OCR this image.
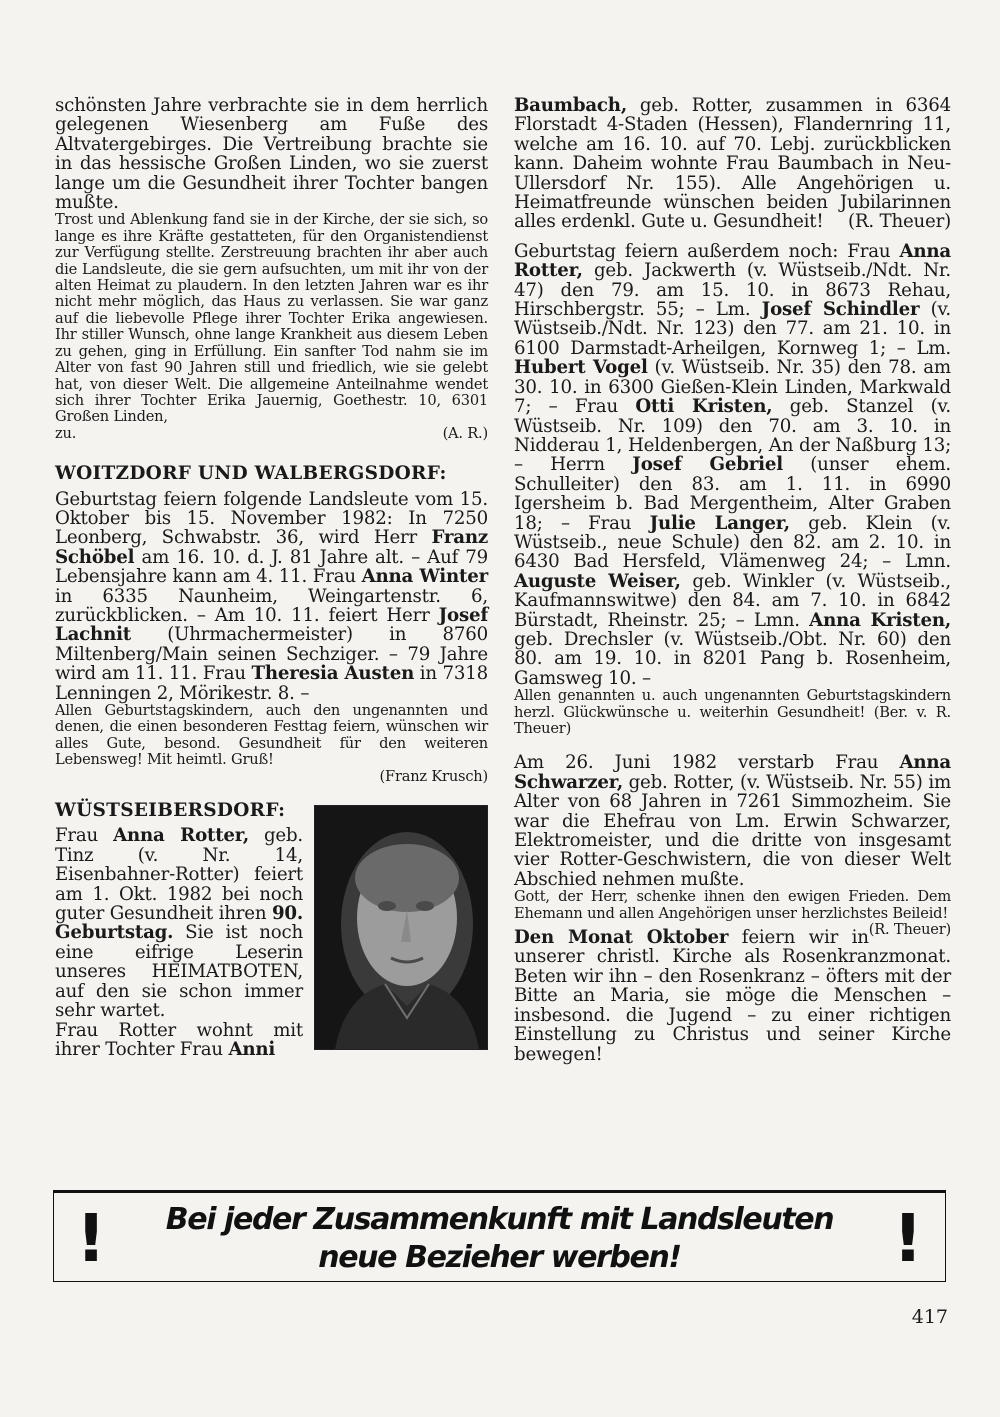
schönsten Jahre verbrachte sie in dem herrlich gelegenen Wiesenberg am Fuße des Altvatergebirges. Die Vertreibung brachte sie in das hessische Großen Linden, wo sie zuerst lange um die Gesundheit ihrer Tochter bangen mußte.

Trost und Ablenkung fand sie in der Kirche, der sie sich, so lange es ihre Kräfte gestatteten, für den Organistendienst zur Verfügung stellte. Zerstreuung brachten ihr aber auch die Landsleute, die sie gern aufsuchten, um mit ihr von der alten Heimat zu plaudern. In den letzten Jahren war es ihr nicht mehr möglich, das Haus zu verlassen. Sie war ganz auf die liebevolle Pflege ihrer Tochter Erika angewiesen. Ihr stiller Wunsch, ohne lange Krankheit aus diesem Leben zu gehen, ging in Erfüllung. Ein sanfter Tod nahm sie im Alter von fast 90 Jahren still und friedlich, wie sie gelebt hat, von dieser Welt. Die allgemeine Anteilnahme wendet sich ihrer Tochter Erika Jauernig, Goethestr. 10, 6301 Großen Linden,

zu.	(A. R.)

WOITZDORF UND WALBERGSDORF:

Geburtstag feiern folgende Landsleute vom 15. Oktober bis 15. November 1982: In 7250 Leonberg, Schwabstr. 36, wird Herr Franz Schöbel am 16. 10. d. J. 81 Jahre alt. – Auf 79 Lebensjahre kann am 4. 11. Frau Anna Winter in 6335 Naunheim, Weingartenstr. 6, zurückblicken. – Am 10. 11. feiert Herr Josef Lachnit (Uhrmachermeister) in 8760 Miltenberg/Main seinen Sechziger. – 79 Jahre wird am 11. 11. Frau Theresia Austen in 7318 Lenningen 2, Mörikestr. 8. –

Allen Geburtstagskindern, auch den ungenannten und denen, die einen besonderen Festtag feiern, wünschen wir alles Gute, besond. Gesundheit für den weiteren Lebensweg! Mit heimtl. Gruß!

(Franz Krusch)

WÜSTSEIBERSDORF:

Frau Anna Rotter, geb. Tinz (v. Nr. 14, Eisenbahner-Rotter) feiert am 1. Okt. 1982 bei noch guter Gesundheit ihren 90. Geburtstag. Sie ist noch eine eifrige Leserin unseres HEIMATBOTEN, auf den sie schon immer sehr wartet.

Frau Rotter wohnt mit ihrer Tochter Frau Anni

Baumbach, geb. Rotter, zusammen in 6364 Florstadt 4-Staden (Hessen), Flandernring 11, welche am 16. 10. auf 70. Lebj. zurückblicken kann. Daheim wohnte Frau Baumbach in Neu-Ullersdorf Nr. 155). Alle Angehörigen u. Heimatfreunde wünschen beiden Jubilarinnen alles erdenkl. Gute u. Gesundheit! (R. Theuer)

Geburtstag feiern außerdem noch: Frau Anna Rotter, geb. Jackwerth (v. Wüstseib./Ndt. Nr. 47) den 79. am 15. 10. in 8673 Rehau, Hirschbergstr. 55; – Lm. Josef Schindler (v. Wüstseib./Ndt. Nr. 123) den 77. am 21. 10. in 6100 Darmstadt-Arheilgen, Kornweg 1; – Lm. Hubert Vogel (v. Wüstseib. Nr. 35) den 78. am 30. 10. in 6300 Gießen-Klein Linden, Markwald 7; – Frau Otti Kristen, geb. Stanzel (v. Wüstseib. Nr. 109) den 70. am 3. 10. in Nidderau 1, Heldenbergen, An der Naßburg 13; – Herrn Josef Gebriel (unser ehem. Schulleiter) den 83. am 1. 11. in 6990 Igersheim b. Bad Mergentheim, Alter Graben 18; – Frau Julie Langer, geb. Klein (v. Wüstseib., neue Schule) den 82. am 2. 10. in 6430 Bad Hersfeld, Vlämenweg 24; – Lmn. Auguste Weiser, geb. Winkler (v. Wüstseib., Kaufmannswitwe) den 84. am 7. 10. in 6842 Bürstadt, Rheinstr. 25; – Lmn. Anna Kristen, geb. Drechsler (v. Wüstseib./Obt. Nr. 60) den 80. am 19. 10. in 8201 Pang b. Rosenheim, Gamsweg 10. –

Allen genannten u. auch ungenannten Geburtstagskindern herzl. Glückwünsche u. weiterhin Gesundheit! (Ber. v. R. Theuer)

Am 26. Juni 1982 verstarb Frau Anna Schwarzer, geb. Rotter, (v. Wüstseib. Nr. 55) im Alter von 68 Jahren in 7261 Simmozheim. Sie war die Ehefrau von Lm. Erwin Schwarzer, Elektromeister, und die dritte von insgesamt vier Rotter-Geschwistern, die von dieser Welt Abschied nehmen mußte.

Gott, der Herr, schenke ihnen den ewigen Frieden. Dem Ehemann und allen Angehörigen unser herzlichstes Beileid!
(R. Theuer)

Den Monat Oktober feiern wir in unserer christl. Kirche als Rosenkranzmonat. Beten wir ihn – den Rosenkranz – öfters mit der Bitte an Maria, sie möge die Menschen – insbesond. die Jugend – zu einer richtigen Einstellung zu Christus und seiner Kirche bewegen!

!	Bei jeder Zusammenkunft mit Landsleuten
neue Bezieher werben!	!
417
